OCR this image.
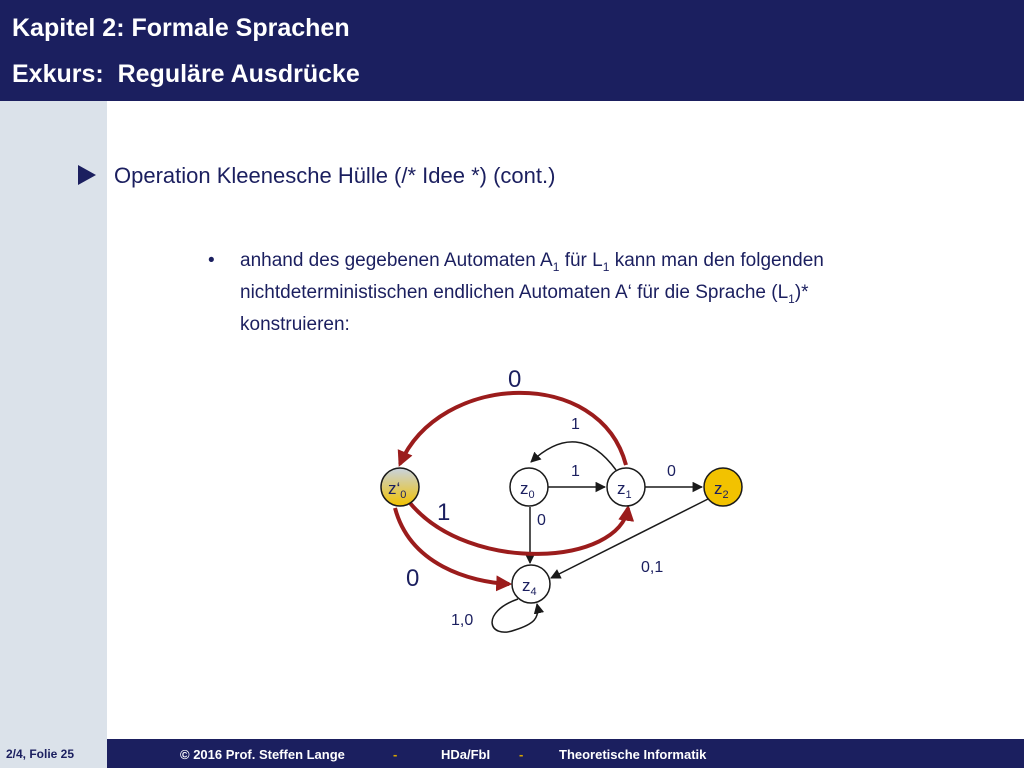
Kapitel 2: Formale Sprachen
Exkurs:  Reguläre Ausdrücke
Operation Kleenesche Hülle (/* Idee *) (cont.)
• anhand des gegebenen Automaten $A_1$ für $L_1$ kann man den folgenden
nichtdeterministischen endlichen Automaten A‘ für die Sprache $(L_1)*$
konstruieren:
$z‘_0$	$z_0$	$z_1$	$z_2$
$z_4$
0
1
0
1
1	0
0
0,1
1,0
2/4, Folie 25	© 2016 Prof. Steffen Lange	-	HDa/FbI -	Theoretische Informatik
